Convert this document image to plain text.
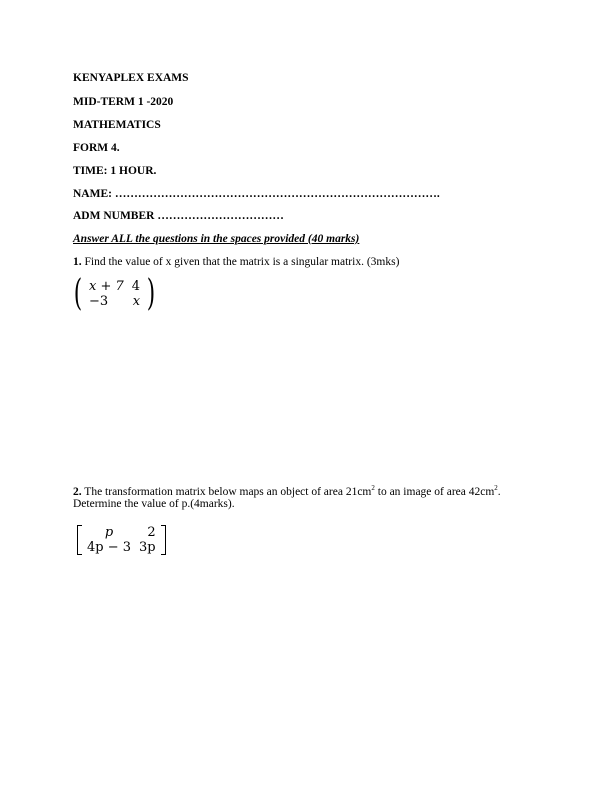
KENYAPLEX EXAMS
MID-TERM 1 -2020
MATHEMATICS
FORM 4.
TIME: 1 HOUR.
NAME: ………………………………………………………………………….
ADM NUMBER ……………………………
Answer ALL the questions in the spaces provided (40 marks)
1. Find the value of x given that the matrix is a singular matrix. (3mks)
( x + 7	4
−3	x )
2. The transformation matrix below maps an object of area $21cm^2$ to an image of area $42cm^2$.
Determine the value of p.(4marks).
p	2
4p − 3	3p
